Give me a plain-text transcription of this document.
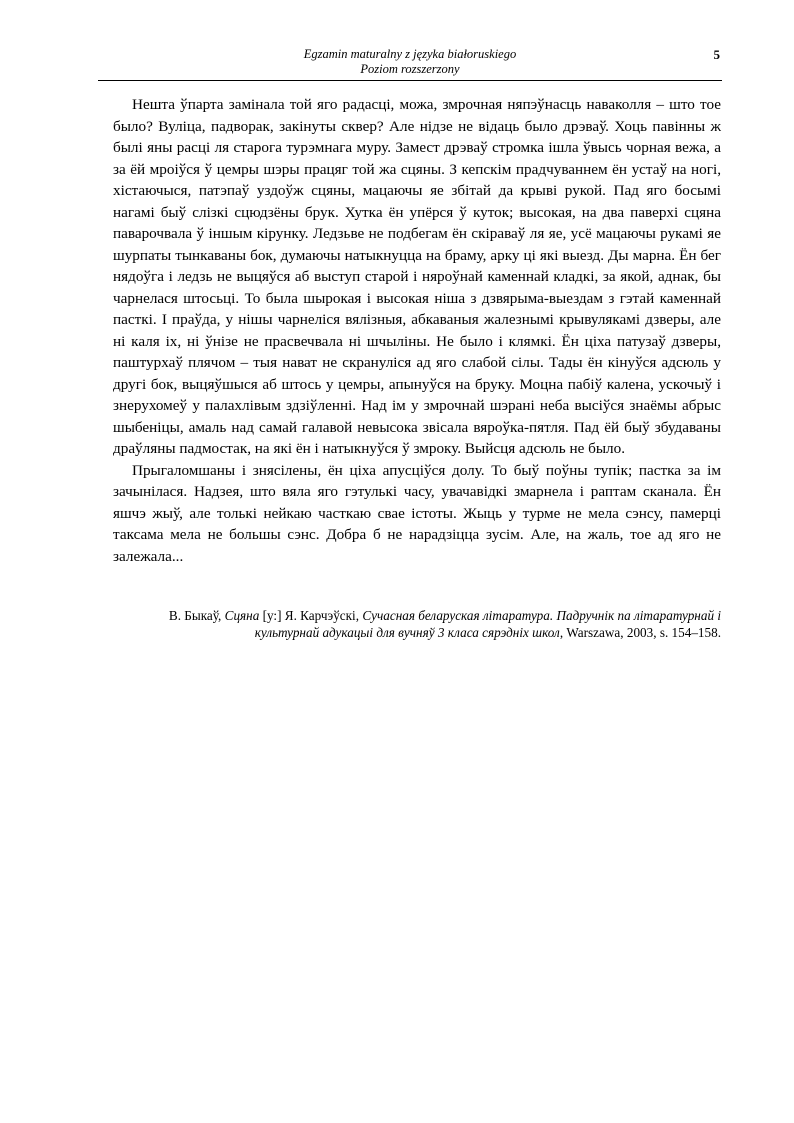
Egzamin maturalny z języka białoruskiego
Poziom rozszerzony
5

Нешта ўпарта замінала той яго радасці, можа, змрочная няпэўнасць наваколля – што тое было? Вуліца, падворак, закінуты сквер? Але нідзе не відаць было дрэваў. Хоць павінны ж былі яны расці ля старога турэмнага муру. Замест дрэваў стромка ішла ўвысь чорная вежа, а за ёй мроіўся ў цемры шэры працяг той жа сцяны. З кепскім прадчуваннем ён устаў на ногі, хістаючыся, патэпаў уздоўж сцяны, мацаючы яе збітай да крыві рукой. Пад яго босымі нагамі быў слізкі сцюдзёны брук. Хутка ён упёрся ў куток; высокая, на два паверхі сцяна паварочвала ў іншым кірунку. Ледзьве не подбегам ён скіраваў ля яе, усё мацаючы рукамі яе шурпаты тынкаваны бок, думаючы натыкнуцца на браму, арку ці які выезд. Ды марна. Ён бег нядоўга і ледзь не выцяўся аб выступ старой і няроўнай каменнай кладкі, за якой, аднак, бы чарнелася штосьці. То была шырокая і высокая ніша з дзвярыма-выездам з гэтай каменнай пасткі. І праўда, у нішы чарнеліся вялізныя, абкаваныя жалезнымі крывулякамі дзверы, але ні каля іх, ні ўнізе не прасвечвала ні шчыліны. Не было і клямкі. Ён ціха патузаў дзверы, паштурхаў плячом – тыя нават не скрануліся ад яго слабой сілы. Тады ён кінуўся адсюль у другі бок, выцяўшыся аб штось у цемры, апынуўся на бруку. Моцна пабіў калена, ускочыў і знерухомеў у палахлівым здзіўленні. Над ім у змрочнай шэрані неба высіўся знаёмы абрыс шыбеніцы, амаль над самай галавой невысока звісала вяроўка-пятля. Пад ёй быў збудаваны драўляны падмостак, на які ён і натыкнуўся ў змроку. Выйсця адсюль не было.

Прыгаломшаны і знясілены, ён ціха апусціўся долу. То быў поўны тупік; пастка за ім зачынілася. Надзея, што вяла яго гэтулькі часу, увачавідкі змарнела і раптам сканала. Ён яшчэ жыў, але толькі нейкаю часткаю свае істоты. Жыць у турме не мела сэнсу, памерці таксама мела не большы сэнс. Добра б не нарадзіцца зусім. Але, на жаль, тое ад яго не залежала...

В. Быкаў, Сцяна [у:] Я. Карчэўскі, Сучасная беларуская літаратура. Падручнік па літаратурнай і культурнай адукацыі для вучняў 3 класа сярэдніх школ, Warszawa, 2003, s. 154–158.
